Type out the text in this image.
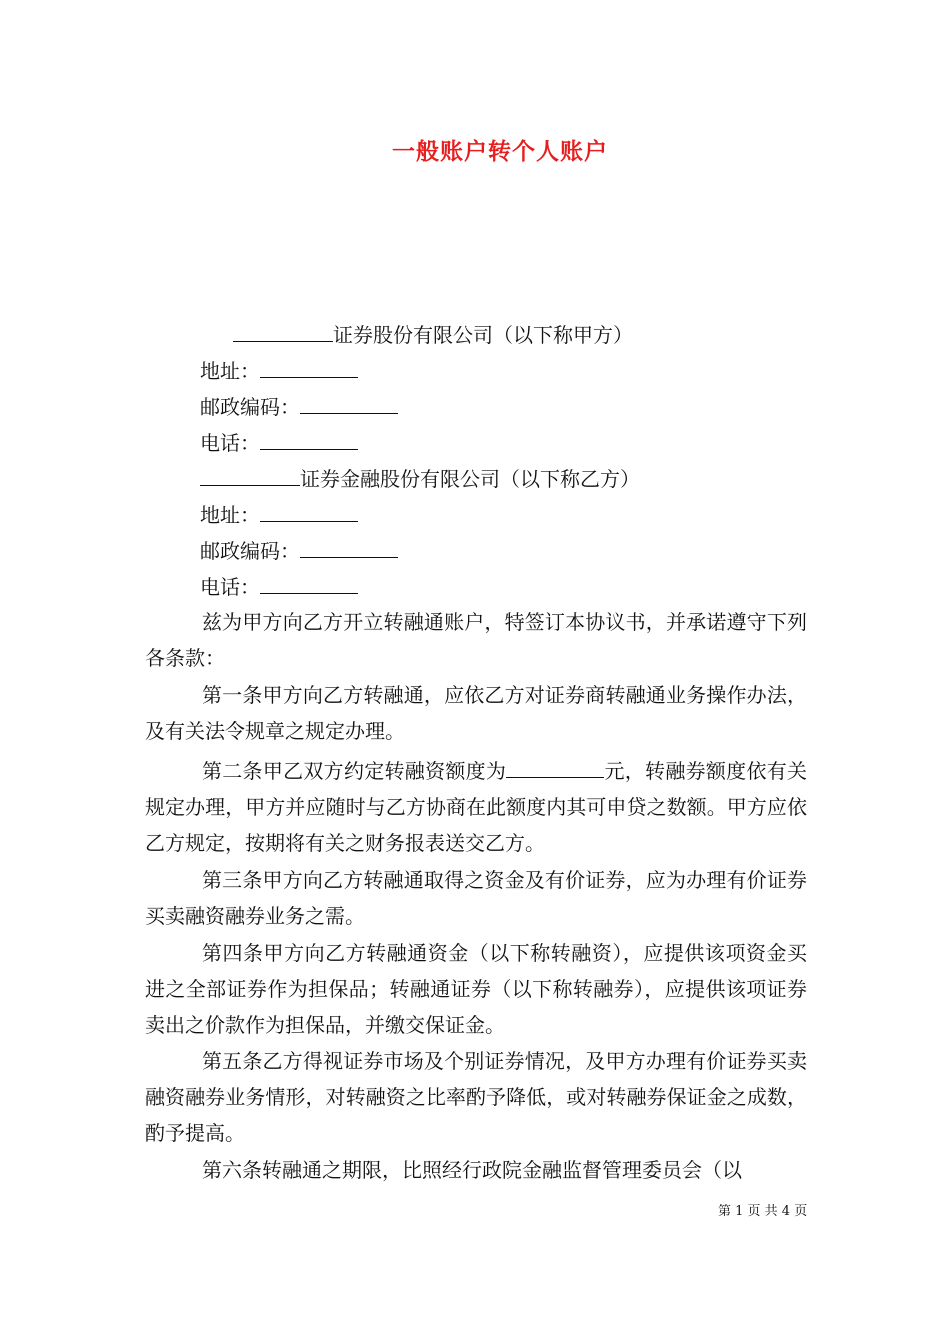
一般账户转个人账户
证券股份有限公司（以下称甲方）
地址：
邮政编码：
电话：
证券金融股份有限公司（以下称乙方）
地址：
邮政编码：
电话：
兹为甲方向乙方开立转融通账户，特签订本协议书，并承诺遵守下列各条款：
第一条甲方向乙方转融通，应依乙方对证券商转融通业务操作办法，及有关法令规章之规定办理。
第二条甲乙双方约定转融资额度为	元，转融券额度依有关规定办理，甲方并应随时与乙方协商在此额度内其可申贷之数额。甲方应依乙方规定，按期将有关之财务报表送交乙方。
第三条甲方向乙方转融通取得之资金及有价证券，应为办理有价证券买卖融资融券业务之需。
第四条甲方向乙方转融通资金（以下称转融资），应提供该项资金买进之全部证券作为担保品；转融通证券（以下称转融券），应提供该项证券卖出之价款作为担保品，并缴交保证金。
第五条乙方得视证券市场及个别证券情况，及甲方办理有价证券买卖融资融券业务情形，对转融资之比率酌予降低，或对转融券保证金之成数，酌予提高。
第六条转融通之期限，比照经行政院金融监督管理委员会（以
第 1 页 共 4 页
